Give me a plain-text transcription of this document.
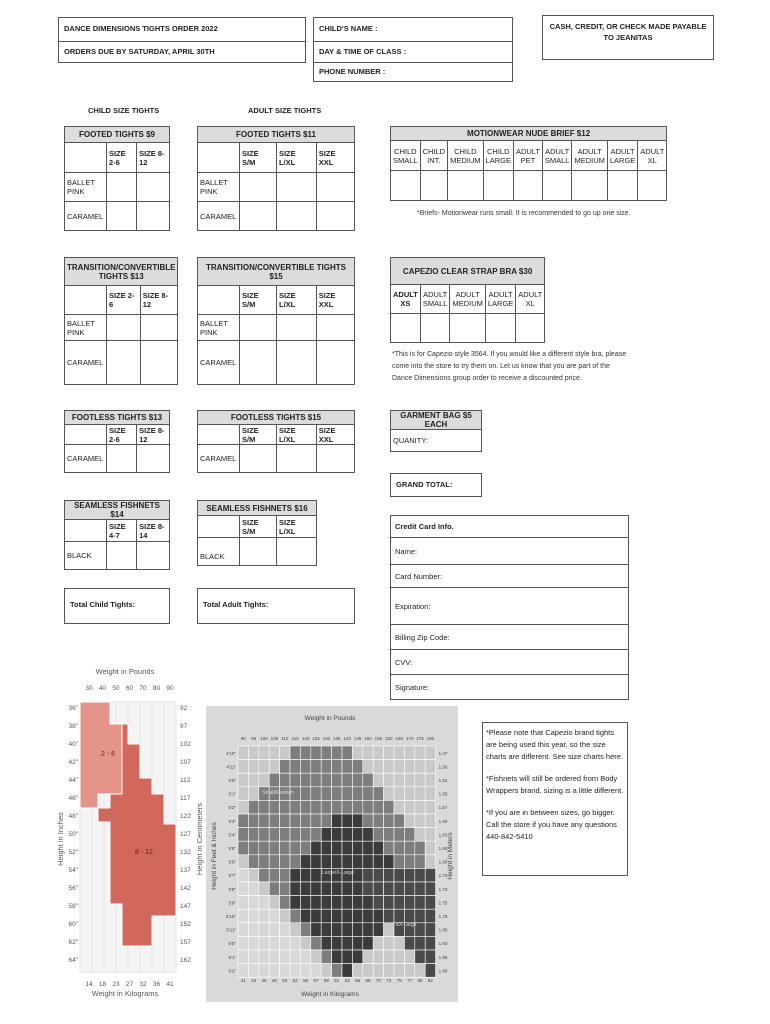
DANCE DIMENSIONS TIGHTS ORDER 2022
ORDERS DUE BY SATURDAY, APRIL 30TH
CHILD'S NAME :
DAY & TIME OF CLASS :
PHONE NUMBER :
CASH, CREDIT, OR CHECK MADE PAYABLE TO JEANITAS
CHILD SIZE TIGHTS	ADULT SIZE TIGHTS
FOOTED TIGHTS $9		
	SIZE 2-6	SIZE 8-12
BALLET PINK		
CARAMEL		
FOOTED TIGHTS $11			
	SIZE S/M	SIZE L/XL	SIZE XXL
BALLET PINK			
CARAMEL			
MOTIONWEAR NUDE BRIEF $12								
CHILD SMALL	CHILD INT.	CHILD MEDIUM	CHILD LARGE	ADULT PET	ADULT SMALL	ADULT MEDIUM	ADULT LARGE	ADULT XL

*Briefs- Motionwear runs small. It is recommended to go up one size.
TRANSITION/CONVERTIBLE TIGHTS $13		
	SIZE 2-6	SIZE 8-12
BALLET PINK		
CARAMEL		
TRANSITION/CONVERTIBLE TIGHTS $15			
	SIZE S/M	SIZE L/XL	SIZE XXL
BALLET PINK			
CARAMEL			
CAPEZIO CLEAR STRAP BRA $30				
ADULT XS	ADULT SMALL	ADULT MEDIUM	ADULT LARGE	ADULT XL

*This is for Capezio style 3564. If you would like a different style bra, please come into the store to try them on. Let us know that you are part of the Dance Dimensions group order to receive a discounted price.
FOOTLESS TIGHTS $13		
	SIZE 2-6	SIZE 8-12
CARAMEL		
FOOTLESS TIGHTS $15			
	SIZE S/M	SIZE L/XL	SIZE XXL
CARAMEL			
GARMENT BAG $5 EACH
QUANITY:
GRAND TOTAL:
SEAMLESS FISHNETS $14		
	SIZE 4-7	SIZE 8-14
BLACK		
SEAMLESS FISHNETS $16		
	SIZE S/M	SIZE L/XL
BLACK		
Total Child Tights:	Total Adult Tights:
Credit Card Info.
Name:
Card Number:
Expiration:
Billing Zip Code:
CVV:
Signature:
Weight in Pounds
30 40 50 60 70 80 90
2 - 6
8 - 12
36"
38"
40"
42"
44"
46"
48"
50"
52"
54"
56"
58"
60"
62"
64"
92
97
102
107
112
117
122
127
132
137
142
147
152
157
162
14 18 23 27 32 36 41
Weight in Kilograms
Height in Inches	Height in Centimeters
Weight in Pounds
90 95 100 105 110 115 120 125 130 135 140 145 150 155 160 165 170 175 180
4'10"
4'11"
5'0"
5'1"
5'2"
5'3"
5'4"
5'5"
5'6"
5'7"
5'8"
5'9"
5'10"
5'11"
6'0"
6'1"
6'2"
1.47
1.50
1.52
1.55
1.57
1.60
1.63
1.65
1.68
1.70
1.73
1.75
1.78
1.80
1.83
1.85
1.88
41 43 45 48 50 52 55 57 59 61 63 66 68 70 73 75 77 80 82
Small/Medium
Large/X-Large
XX-Large
Weight in Kilograms
Height in Feet & Inches	Height in Meters
*Please note that Capezio brand tights are being used this year, so the size charts are different. See size charts here.
*Fishnets will still be ordered from Body Wrappers brand, sizing is a little different.
*If you are in between sizes, go bigger. Call the store if you have any questions 440-842-5410
